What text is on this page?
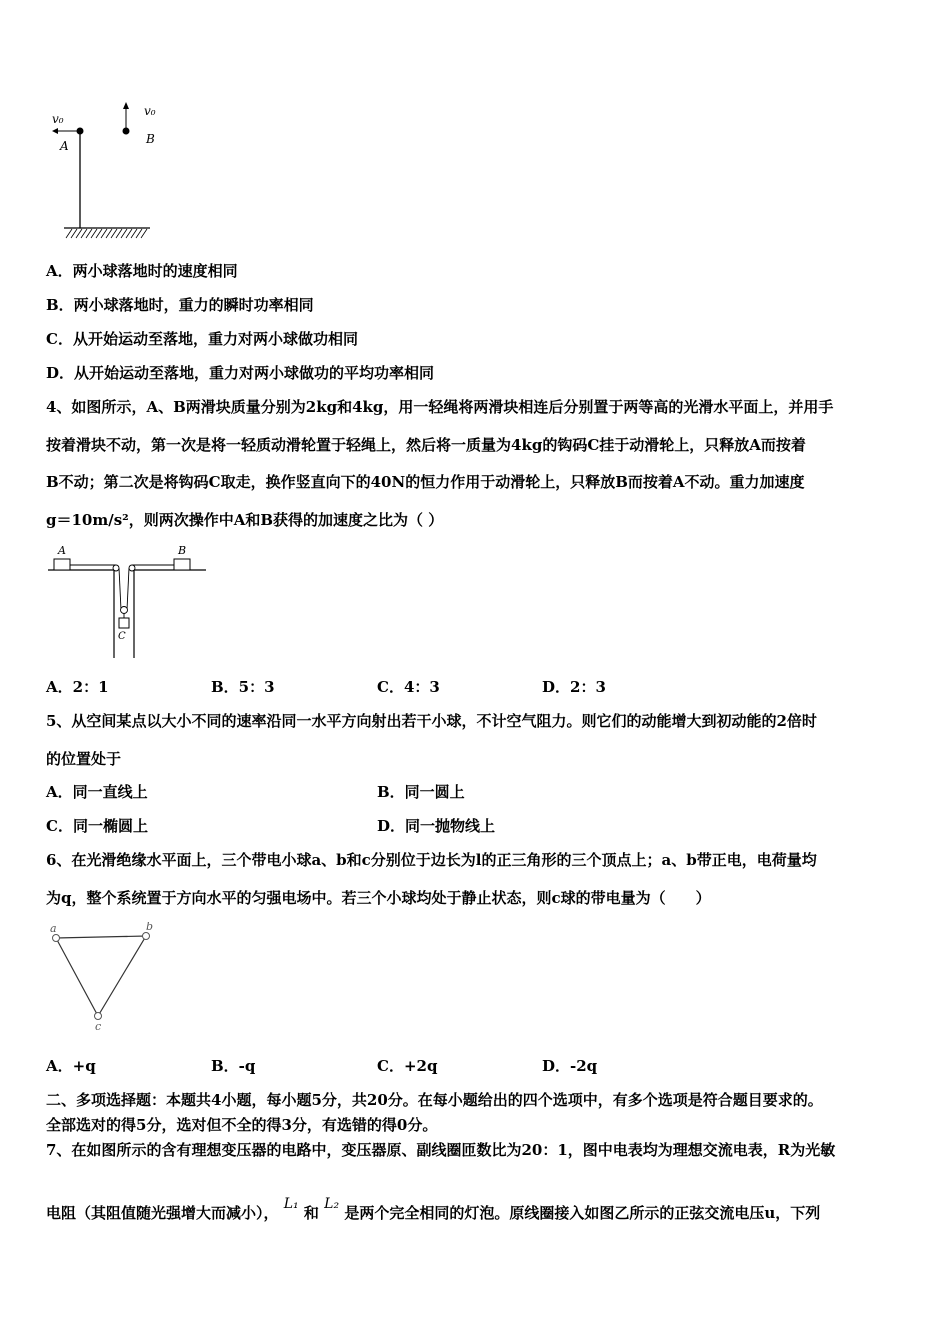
v₀
A
v₀
B
A．两小球落地时的速度相同
B．两小球落地时，重力的瞬时功率相同
C．从开始运动至落地，重力对两小球做功相同
D．从开始运动至落地，重力对两小球做功的平均功率相同
4、如图所示，A、B两滑块质量分别为2kg和4kg，用一轻绳将两滑块相连后分别置于两等高的光滑水平面上，并用手
按着滑块不动，第一次是将一轻质动滑轮置于轻绳上，然后将一质量为4kg的钩码C挂于动滑轮上，只释放A而按着
B不动；第二次是将钩码C取走，换作竖直向下的40N的恒力作用于动滑轮上，只释放B而按着A不动。重力加速度
g＝10m/s²，则两次操作中A和B获得的加速度之比为（ ）
A	B
C
A．2：1	B．5：3	C．4：3	D．2：3
5、从空间某点以大小不同的速率沿同一水平方向射出若干小球，不计空气阻力。则它们的动能增大到初动能的2倍时
的位置处于
A．同一直线上	B．同一圆上
C．同一椭圆上	D．同一抛物线上
6、在光滑绝缘水平面上，三个带电小球a、b和c分别位于边长为l的正三角形的三个顶点上；a、b带正电，电荷量均
为q，整个系统置于方向水平的匀强电场中。若三个小球均处于静止状态，则c球的带电量为（　　）
a	b
c
A．+q	B．-q	C．+2q	D．-2q
二、多项选择题：本题共4小题，每小题5分，共20分。在每小题给出的四个选项中，有多个选项是符合题目要求的。
全部选对的得5分，选对但不全的得3分，有选错的得0分。
7、在如图所示的含有理想变压器的电路中，变压器原、副线圈匝数比为20：1，图中电表均为理想交流电表，R为光敏
电阻（其阻值随光强增大而减小）， L₁ 和 L₂ 是两个完全相同的灯泡。原线圈接入如图乙所示的正弦交流电压u，下列
